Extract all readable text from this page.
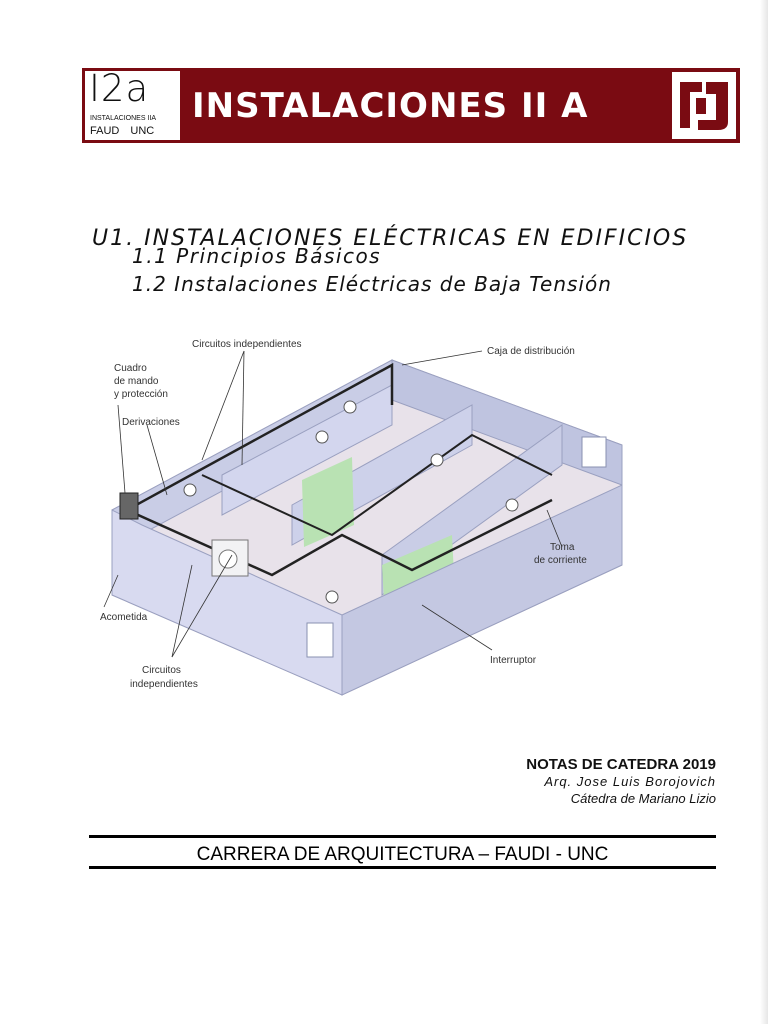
I2a
INSTALACIONES IIA
FAUD UNC
INSTALACIONES II A
U1. INSTALACIONES ELÉCTRICAS EN EDIFICIOS
1.1 Principios Básicos
1.2 Instalaciones Eléctricas de Baja Tensión
Circuitos independientes
Caja de distribución
Cuadro
de mando
y protección
Derivaciones
Toma
de corriente
Acometida
Interruptor
Circuitos
independientes
NOTAS DE CATEDRA 2019
Arq. Jose Luis Borojovich
Cátedra de Mariano Lizio
CARRERA DE ARQUITECTURA – FAUDI - UNC
